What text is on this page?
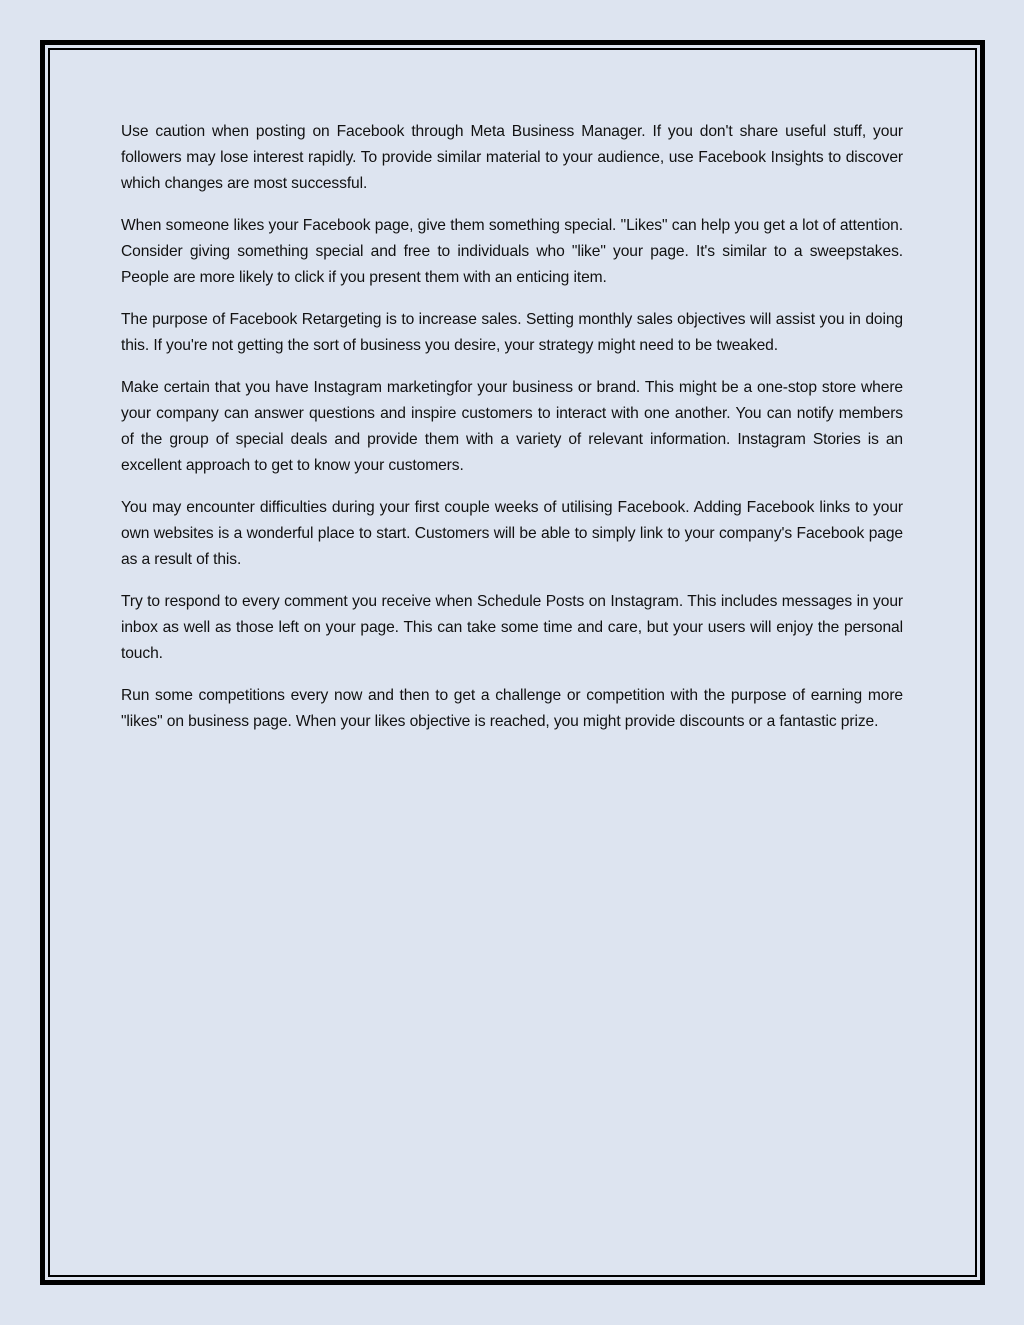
Use caution when posting on Facebook through Meta Business Manager. If you don't share useful stuff, your followers may lose interest rapidly. To provide similar material to your audience, use Facebook Insights to discover which changes are most successful.

When someone likes your Facebook page, give them something special. "Likes" can help you get a lot of attention. Consider giving something special and free to individuals who "like" your page. It's similar to a sweepstakes. People are more likely to click if you present them with an enticing item.

The purpose of Facebook Retargeting is to increase sales. Setting monthly sales objectives will assist you in doing this. If you're not getting the sort of business you desire, your strategy might need to be tweaked.

Make certain that you have Instagram marketingfor your business or brand. This might be a one-stop store where your company can answer questions and inspire customers to interact with one another. You can notify members of the group of special deals and provide them with a variety of relevant information. Instagram Stories is an excellent approach to get to know your customers.

You may encounter difficulties during your first couple weeks of utilising Facebook. Adding Facebook links to your own websites is a wonderful place to start. Customers will be able to simply link to your company's Facebook page as a result of this.

Try to respond to every comment you receive when Schedule Posts on Instagram. This includes messages in your inbox as well as those left on your page. This can take some time and care, but your users will enjoy the personal touch.

Run some competitions every now and then to get a challenge or competition with the purpose of earning more "likes" on business page. When your likes objective is reached, you might provide discounts or a fantastic prize.
